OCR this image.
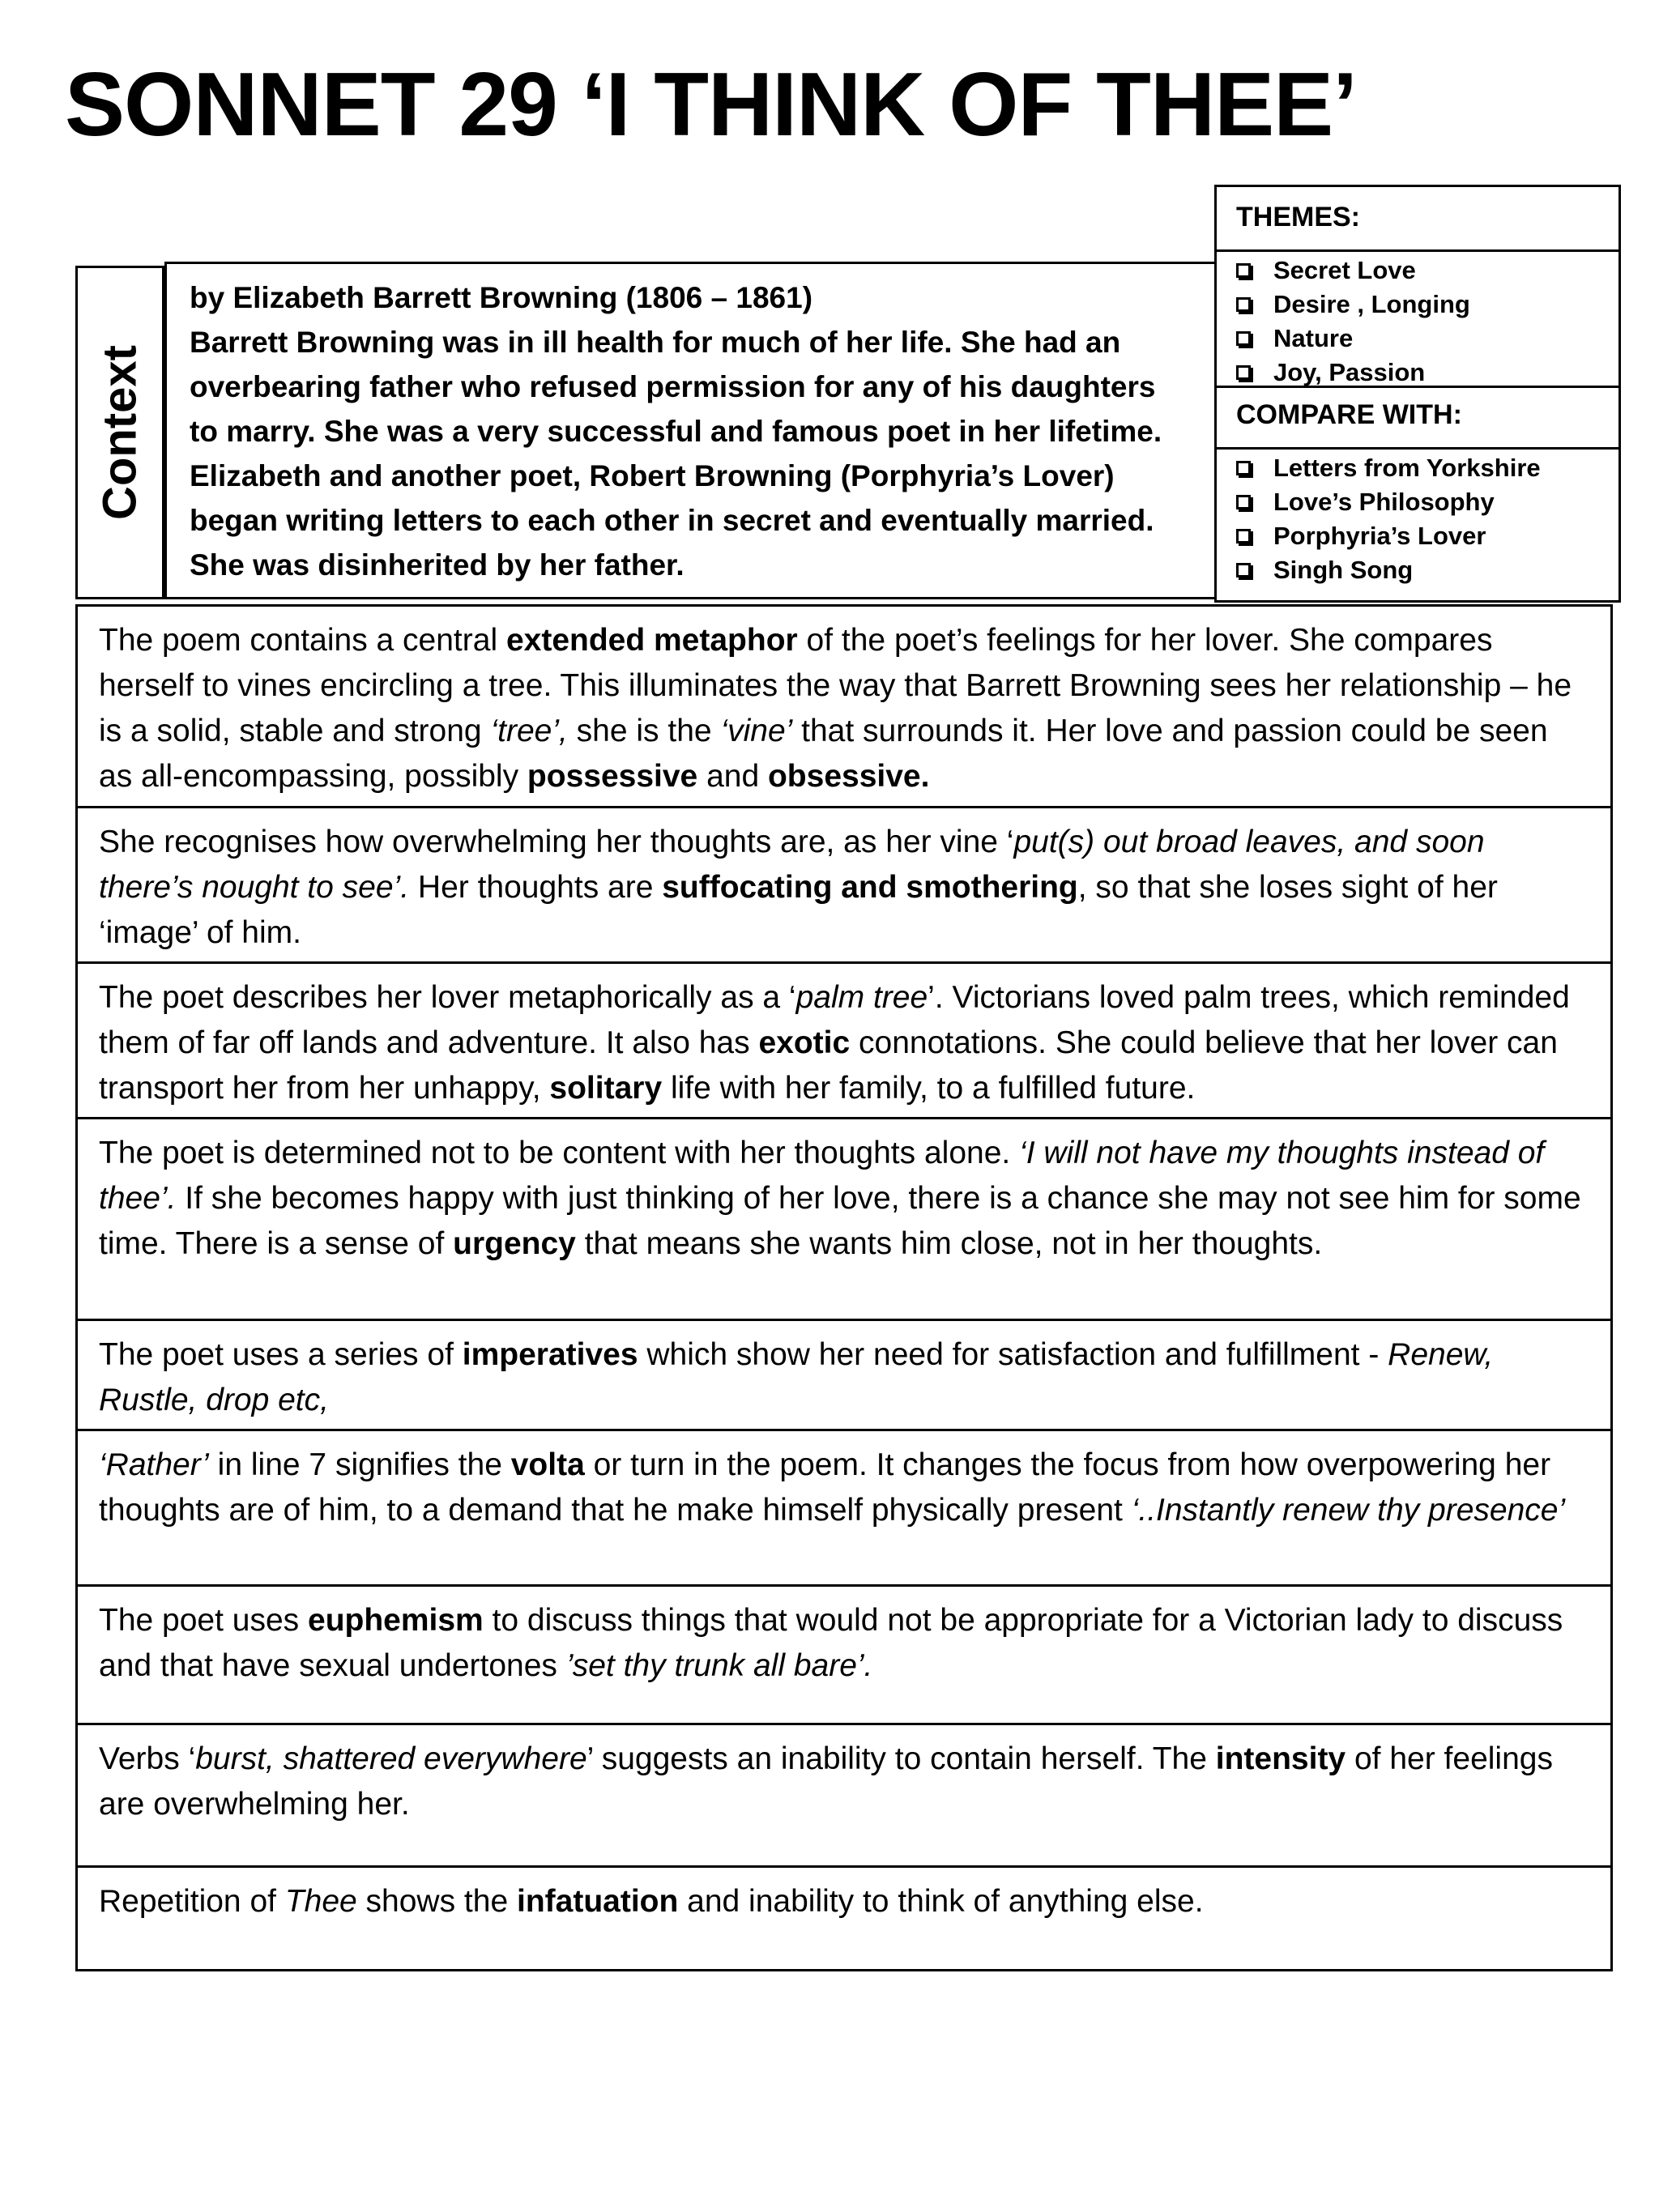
SONNET 29 ‘I THINK OF THEE’
Context

by Elizabeth Barrett Browning (1806 – 1861)

Barrett Browning was in ill health for much of her life. She had an overbearing father who refused permission for any of his daughters to marry. She was a very successful and famous poet in her lifetime. Elizabeth and another poet, Robert Browning (Porphyria’s Lover) began writing letters to each other in secret and eventually married. She was disinherited by her father.

THEMES:
Secret Love
Desire , Longing
Nature
Joy, Passion
COMPARE WITH:
Letters from Yorkshire
Love’s Philosophy
Porphyria’s Lover
Singh Song
The poem contains a central extended metaphor of the poet’s feelings for her lover. She compares herself to vines encircling a tree. This illuminates the way that Barrett Browning sees her relationship – he is a solid, stable and strong ‘tree’, she is the ‘vine’ that surrounds it. Her love and passion could be seen as all-encompassing, possibly possessive and obsessive.
She recognises how overwhelming her thoughts are, as her vine ‘put(s) out broad leaves, and soon there’s nought to see’. Her thoughts are suffocating and smothering, so that she loses sight of her ‘image’ of him.
The poet describes her lover metaphorically as a ‘palm tree’. Victorians loved palm trees, which reminded them of far off lands and adventure. It also has exotic connotations. She could believe that her lover can transport her from her unhappy, solitary life with her family, to a fulfilled future.
The poet is determined not to be content with her thoughts alone. ‘I will not have my thoughts instead of thee’. If she becomes happy with just thinking of her love, there is a chance she may not see him for some time. There is a sense of urgency that means she wants him close, not in her thoughts.
The poet uses a series of imperatives which show her need for satisfaction and fulfillment - Renew, Rustle, drop etc,
‘Rather’ in line 7 signifies the volta or turn in the poem. It changes the focus from how overpowering her thoughts are of him, to a demand that he make himself physically present ‘..Instantly renew thy presence’
The poet uses euphemism to discuss things that would not be appropriate for a Victorian lady to discuss and that have sexual undertones ’set thy trunk all bare’.
Verbs ‘burst, shattered everywhere’ suggests an inability to contain herself. The intensity of her feelings are overwhelming her.
Repetition of Thee shows the infatuation and inability to think of anything else.
